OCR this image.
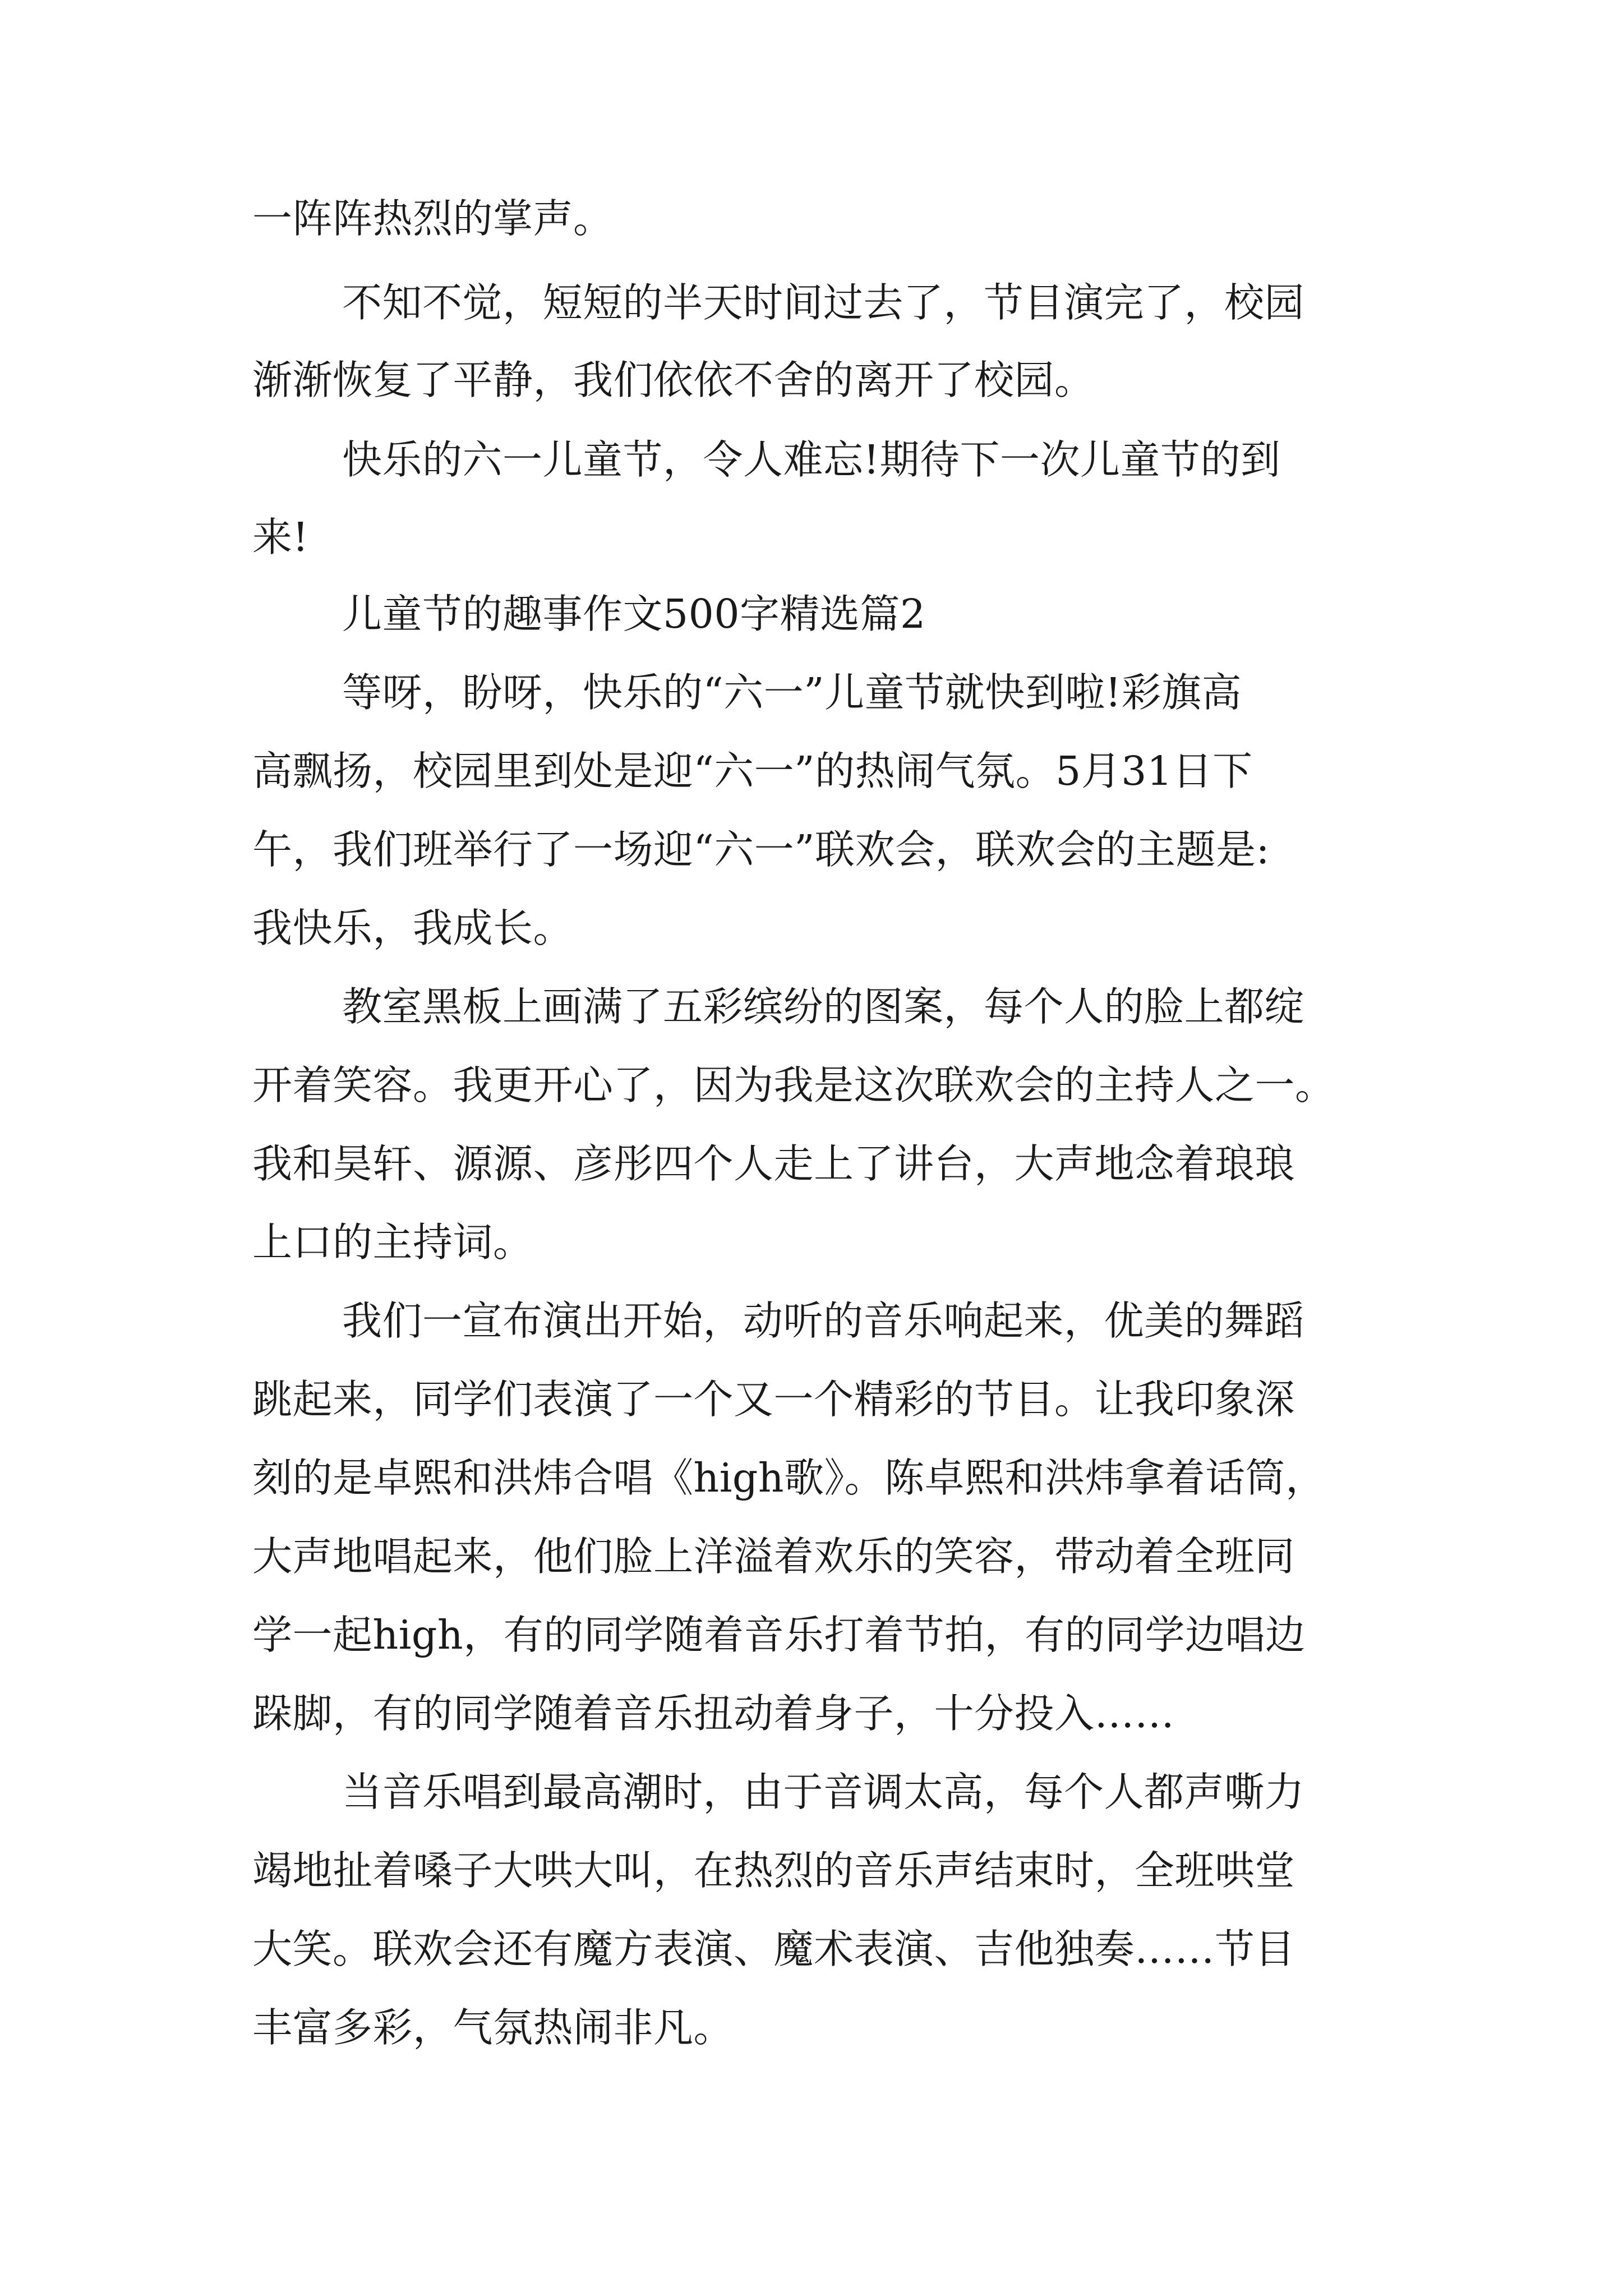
一阵阵热烈的掌声。
不知不觉，短短的半天时间过去了，节目演完了，校园
渐渐恢复了平静，我们依依不舍的离开了校园。
快乐的六一儿童节，令人难忘!期待下一次儿童节的到
来!
儿童节的趣事作文500字精选篇2
等呀，盼呀，快乐的“六一”儿童节就快到啦!彩旗高
高飘扬，校园里到处是迎“六一”的热闹气氛。5月31日下
午，我们班举行了一场迎“六一”联欢会，联欢会的主题是:
我快乐，我成长。
教室黑板上画满了五彩缤纷的图案，每个人的脸上都绽
开着笑容。我更开心了，因为我是这次联欢会的主持人之一。
我和昊轩、源源、彦彤四个人走上了讲台，大声地念着琅琅
上口的主持词。
我们一宣布演出开始，动听的音乐响起来，优美的舞蹈
跳起来，同学们表演了一个又一个精彩的节目。让我印象深
刻的是卓熙和洪炜合唱《high歌》。陈卓熙和洪炜拿着话筒，
大声地唱起来，他们脸上洋溢着欢乐的笑容，带动着全班同
学一起high，有的同学随着音乐打着节拍，有的同学边唱边
跺脚，有的同学随着音乐扭动着身子，十分投入……
当音乐唱到最高潮时，由于音调太高，每个人都声嘶力
竭地扯着嗓子大哄大叫，在热烈的音乐声结束时，全班哄堂
大笑。联欢会还有魔方表演、魔术表演、吉他独奏……节目
丰富多彩，气氛热闹非凡。
